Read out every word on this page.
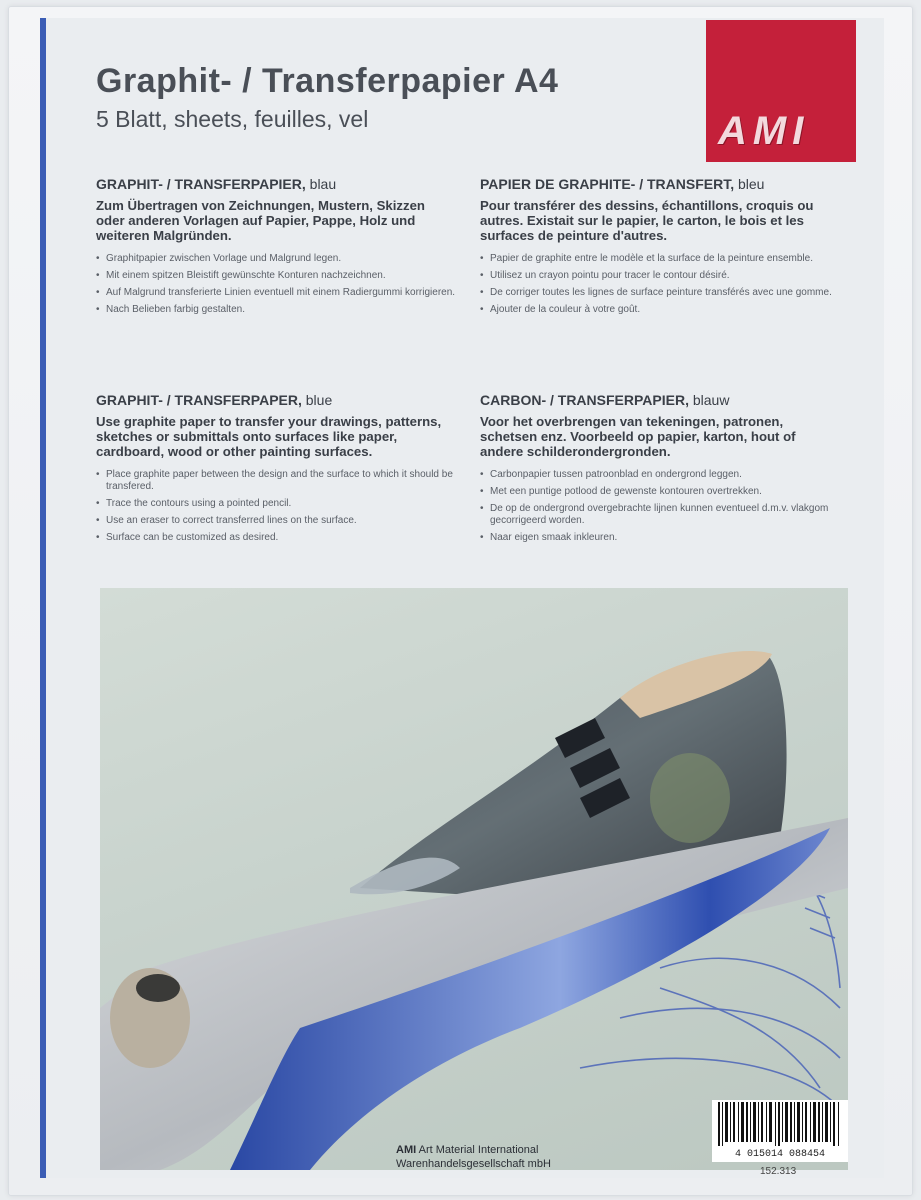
AMI
Graphit- / Transferpapier A4
5 Blatt, sheets, feuilles, vel
GRAPHIT- / TRANSFERPAPIER, blau
Zum Übertragen von Zeichnungen, Mustern, Skizzen oder anderen Vorlagen auf Papier, Pappe, Holz und weiteren Malgründen.
• Graphitpapier zwischen Vorlage und Malgrund legen.
• Mit einem spitzen Bleistift gewünschte Konturen nachzeichnen.
• Auf Malgrund transferierte Linien eventuell mit einem Radiergummi korrigieren.
• Nach Belieben farbig gestalten.
PAPIER DE GRAPHITE- / TRANSFERT, bleu
Pour transférer des dessins, échantillons, croquis ou autres. Existait sur le papier, le carton, le bois et les surfaces de peinture d'autres.
• Papier de graphite entre le modèle et la surface de la peinture ensemble.
• Utilisez un crayon pointu pour tracer le contour désiré.
• De corriger toutes les lignes de surface peinture transférés avec une gomme.
• Ajouter de la couleur à votre goût.
GRAPHIT- / TRANSFERPAPER, blue
Use graphite paper to transfer your drawings, patterns, sketches or submittals onto surfaces like paper, cardboard, wood or other painting surfaces.
• Place graphite paper between the design and the surface to which it should be transfered.
• Trace the contours using a pointed pencil.
• Use an eraser to correct transferred lines on the surface.
• Surface can be customized as desired.
CARBON- / TRANSFERPAPIER, blauw
Voor het overbrengen van tekeningen, patronen, schetsen enz. Voorbeeld op papier, karton, hout of andere schilderondergronden.
• Carbonpapier tussen patroonblad en ondergrond leggen.
• Met een puntige potlood de gewenste kontouren overtrekken.
• De op de ondergrond overgebrachte lijnen kunnen eventueel d.m.v. vlakgom gecorrigeerd worden.
• Naar eigen smaak inkleuren.
4 015014 088454
AMI Art Material International
Warenhandelsgesellschaft mbH
152.313
